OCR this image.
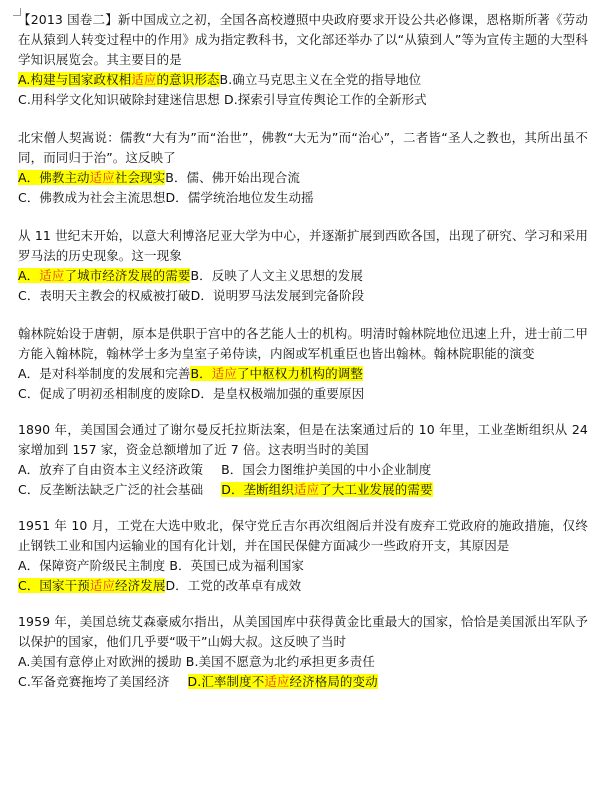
【2013 国卷二】新中国成立之初，全国各高校遵照中央政府要求开设公共必修课，恩格斯所著《劳动在从猿到人转变过程中的作用》成为指定教科书，文化部还举办了以“从猿到人”等为宣传主题的大型科学知识展览会。其主要目的是

A.构建与国家政权相适应的意识形态B.确立马克思主义在全党的指导地位

C.用科学文化知识破除封建迷信思想 D.探索引导宣传舆论工作的全新形式

北宋僧人契嵩说：儒教“大有为”而“治世”，佛教“大无为”而“治心”，二者皆“圣人之教也，其所出虽不同，而同归于治”。这反映了

A．佛教主动适应社会现实B．儒、佛开始出现合流

C．佛教成为社会主流思想D．儒学统治地位发生动摇

从 11 世纪末开始，以意大利博洛尼亚大学为中心，并逐渐扩展到西欧各国，出现了研究、学习和采用罗马法的历史现象。这一现象

A．适应了城市经济发展的需要B．反映了人文主义思想的发展

C．表明天主教会的权威被打破D．说明罗马法发展到完备阶段

翰林院始设于唐朝，原本是供职于宫中的各艺能人士的机构。明清时翰林院地位迅速上升，进士前二甲方能入翰林院，翰林学士多为皇室子弟侍读，内阁或军机重臣也皆出翰林。翰林院职能的演变

A．是对科举制度的发展和完善B．适应了中枢权力机构的调整

C．促成了明初丞相制度的废除D．是皇权极端加强的重要原因

1890 年，美国国会通过了谢尔曼反托拉斯法案，但是在法案通过后的 10 年里，工业垄断组织从 24 家增加到 157 家，资金总额增加了近 7 倍。这表明当时的美国

A．放弃了自由资本主义经济政策 B．国会力图维护美国的中小企业制度

C．反垄断法缺乏广泛的社会基础 D．垄断组织适应了大工业发展的需要

1951 年 10 月，工党在大选中败北，保守党丘吉尔再次组阁后并没有废弃工党政府的施政措施，仅终止钢铁工业和国内运输业的国有化计划，并在国民保健方面减少一些政府开支，其原因是

A．保障资产阶级民主制度 B．英国已成为福利国家

C．国家干预适应经济发展D．工党的改革卓有成效

1959 年，美国总统艾森豪威尔指出，从美国国库中获得黄金比重最大的国家，恰恰是美国派出军队予以保护的国家，他们几乎要“吸干”山姆大叔。这反映了当时

A.美国有意停止对欧洲的援助 B.美国不愿意为北约承担更多责任

C.军备竞赛拖垮了美国经济 D.汇率制度不适应经济格局的变动
